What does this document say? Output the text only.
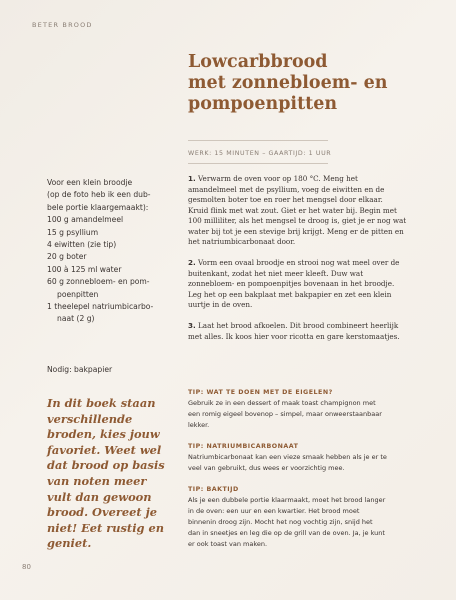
BETER BROOD
Lowcarbbrood
met zonnebloem- en
pompoenpitten
WERK: 15 MINUTEN – GAARTIJD: 1 UUR
Voor een klein broodje
(op de foto heb ik een dub-
bele portie klaargemaakt):
100 g amandelmeel
15 g psyllium
4 eiwitten (zie tip)
20 g boter
100 à 125 ml water
60 g zonnebloem- en pom-
poenpitten
1 theelepel natriumbicarbo-
naat (2 g)
Nodig: bakpapier
In dit boek staan
verschillende
broden, kies jouw
favoriet. Weet wel
dat brood op basis
van noten meer
vult dan gewoon
brood. Overeet je
niet! Eet rustig en
geniet.
1. Verwarm de oven voor op 180 °C. Meng het
amandelmeel met de psyllium, voeg de eiwitten en de
gesmolten boter toe en roer het mengsel door elkaar.
Kruid flink met wat zout. Giet er het water bij. Begin met
100 milliliter, als het mengsel te droog is, giet je er nog wat
water bij tot je een stevige brij krijgt. Meng er de pitten en
het natriumbicarbonaat door.
2. Vorm een ovaal broodje en strooi nog wat meel over de
buitenkant, zodat het niet meer kleeft. Duw wat
zonnebloem- en pompoenpitjes bovenaan in het broodje.
Leg het op een bakplaat met bakpapier en zet een klein
uurtje in de oven.
3. Laat het brood afkoelen. Dit brood combineert heerlijk
met alles. Ik koos hier voor ricotta en gare kerstomaatjes.
TIP: WAT TE DOEN MET DE EIGELEN?
Gebruik ze in een dessert of maak toast champignon met
een romig eigeel bovenop – simpel, maar onweerstaanbaar
lekker.
TIP: NATRIUMBICARBONAAT
Natriumbicarbonaat kan een vieze smaak hebben als je er te
veel van gebruikt, dus wees er voorzichtig mee.
TIP: BAKTIJD
Als je een dubbele portie klaarmaakt, moet het brood langer
in de oven: een uur en een kwartier. Het brood moet
binnenin droog zijn. Mocht het nog vochtig zijn, snijd het
dan in sneetjes en leg die op de grill van de oven. Ja, je kunt
er ook toast van maken.
80
